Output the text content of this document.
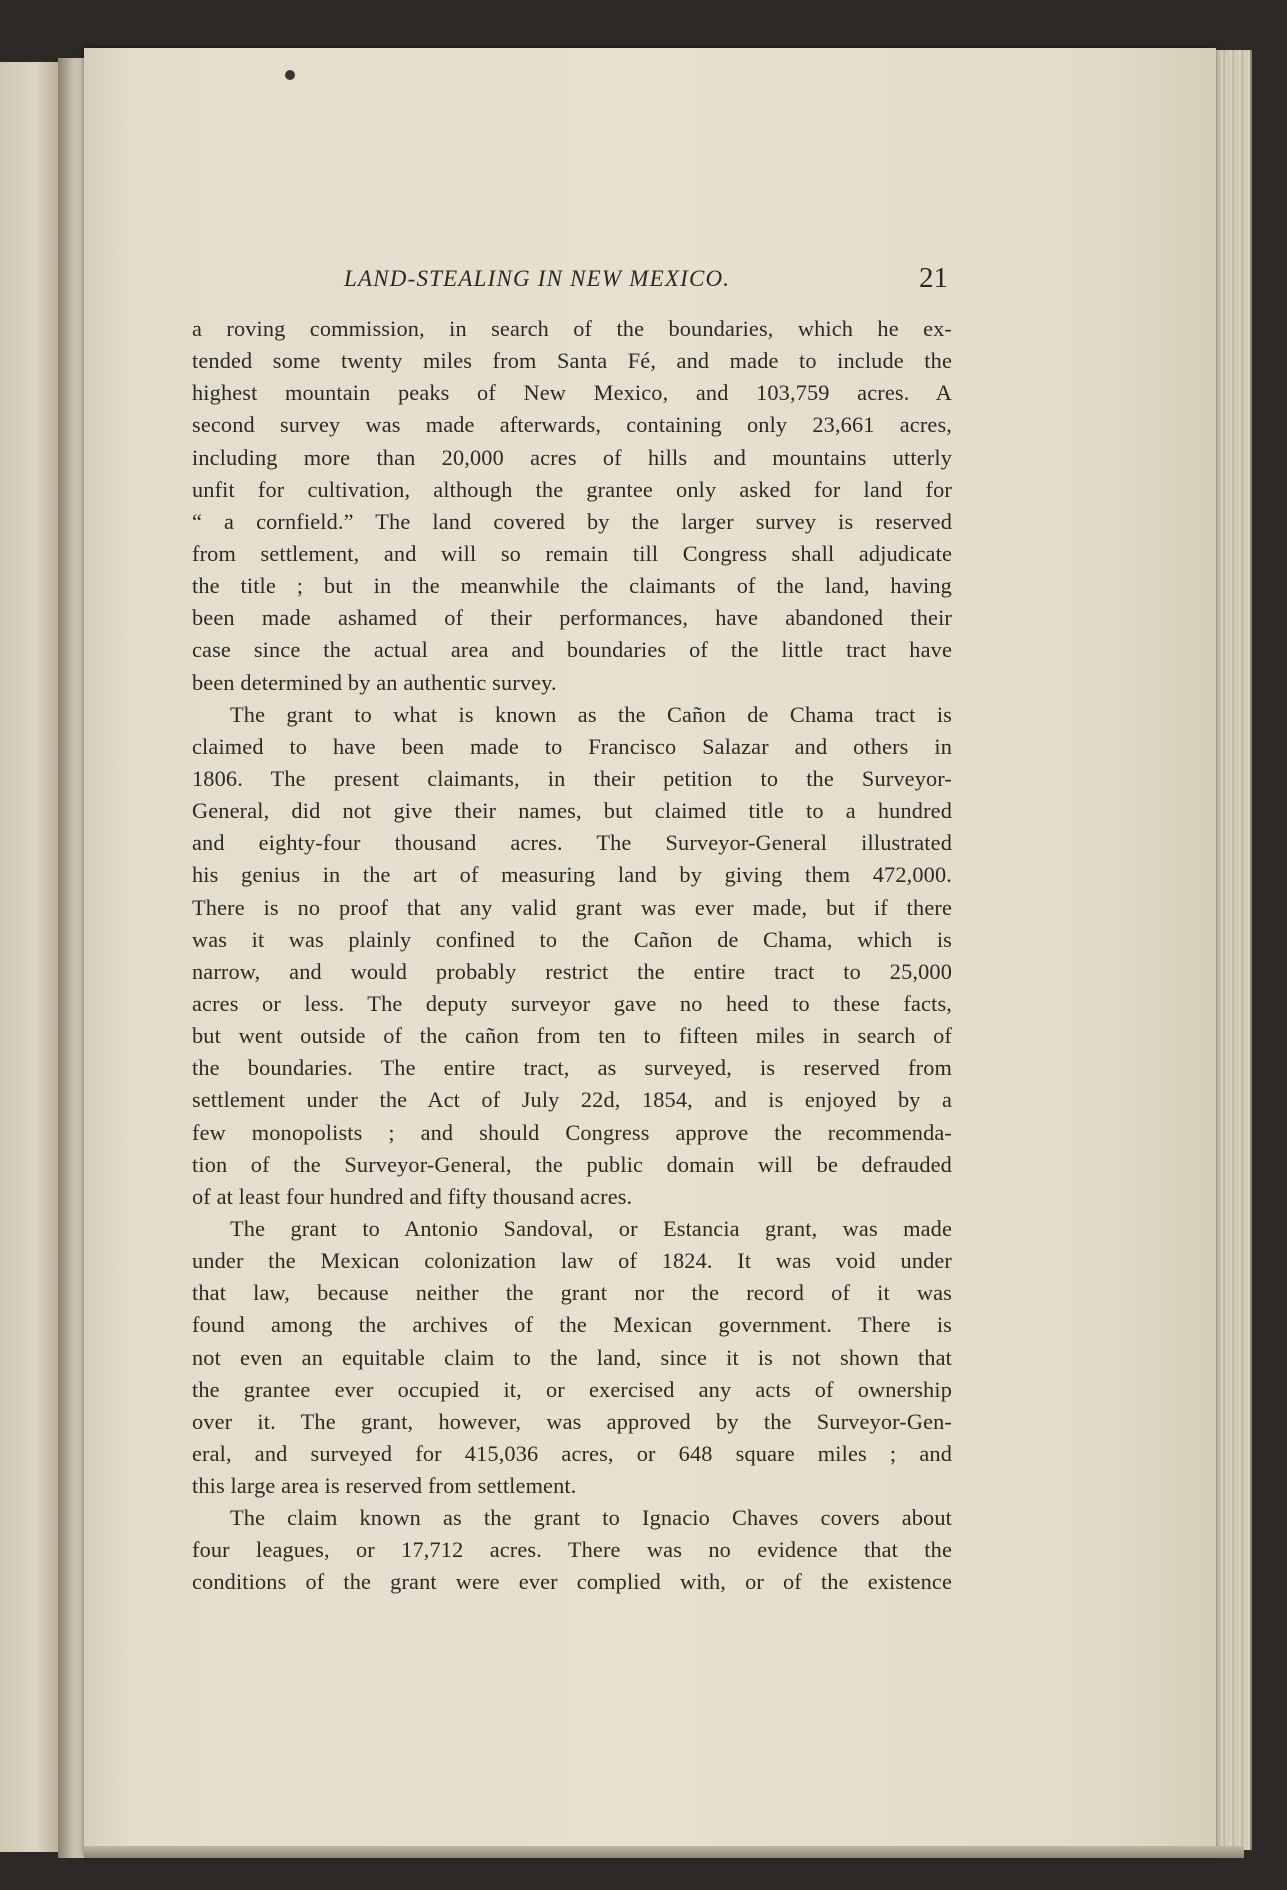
LAND-STEALING IN NEW MEXICO.	21
a roving commission, in search of the boundaries, which he ex-
tended some twenty miles from Santa Fé, and made to include the
highest mountain peaks of New Mexico, and 103,759 acres. A
second survey was made afterwards, containing only 23,661 acres,
including more than 20,000 acres of hills and mountains utterly
unfit for cultivation, although the grantee only asked for land for
“ a cornfield.” The land covered by the larger survey is reserved
from settlement, and will so remain till Congress shall adjudicate
the title ; but in the meanwhile the claimants of the land, having
been made ashamed of their performances, have abandoned their
case since the actual area and boundaries of the little tract have
been determined by an authentic survey.
The grant to what is known as the Cañon de Chama tract is
claimed to have been made to Francisco Salazar and others in
1806. The present claimants, in their petition to the Surveyor-
General, did not give their names, but claimed title to a hundred
and eighty-four thousand acres. The Surveyor-General illustrated
his genius in the art of measuring land by giving them 472,000.
There is no proof that any valid grant was ever made, but if there
was it was plainly confined to the Cañon de Chama, which is
narrow, and would probably restrict the entire tract to 25,000
acres or less. The deputy surveyor gave no heed to these facts,
but went outside of the cañon from ten to fifteen miles in search of
the boundaries. The entire tract, as surveyed, is reserved from
settlement under the Act of July 22d, 1854, and is enjoyed by a
few monopolists ; and should Congress approve the recommenda-
tion of the Surveyor-General, the public domain will be defrauded
of at least four hundred and fifty thousand acres.
The grant to Antonio Sandoval, or Estancia grant, was made
under the Mexican colonization law of 1824. It was void under
that law, because neither the grant nor the record of it was
found among the archives of the Mexican government. There is
not even an equitable claim to the land, since it is not shown that
the grantee ever occupied it, or exercised any acts of ownership
over it. The grant, however, was approved by the Surveyor-Gen-
eral, and surveyed for 415,036 acres, or 648 square miles ; and
this large area is reserved from settlement.
The claim known as the grant to Ignacio Chaves covers about
four leagues, or 17,712 acres. There was no evidence that the
conditions of the grant were ever complied with, or of the existence
